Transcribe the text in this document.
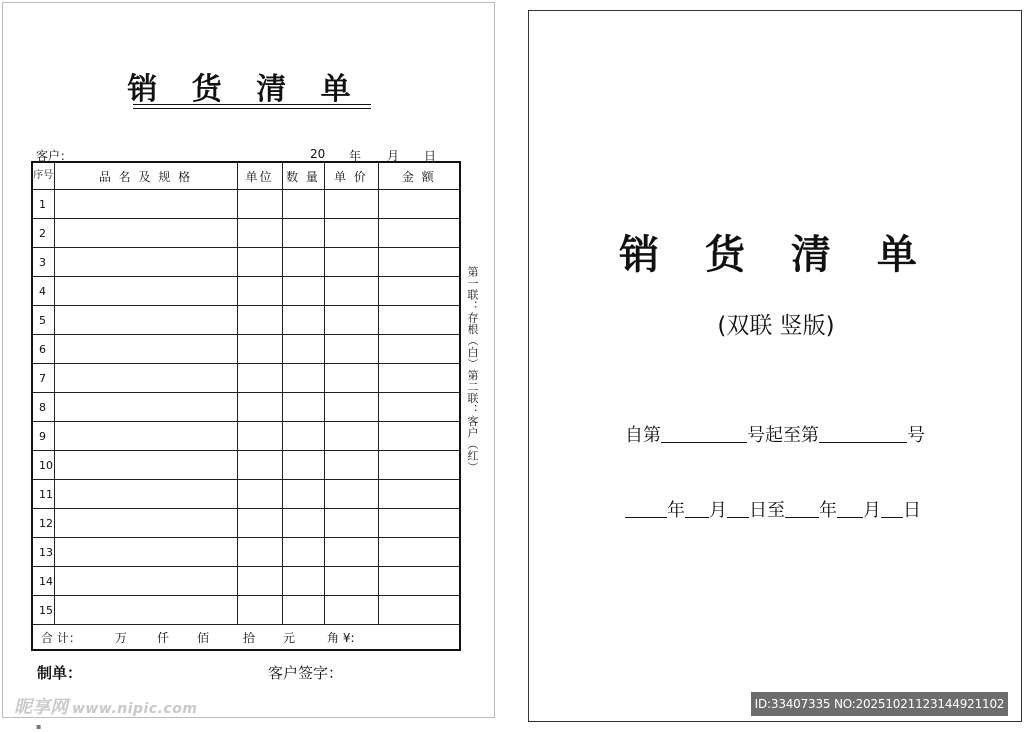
销 货 清 单
客户：	20 年 月 日
序号	品 名 及 规 格	单位	数 量	单 价	金 额
1					
2					
3					
4					
5					
6					
7					
8					
9					
10					
11					
12					
13					
14					
15					
合 计： 万 仟 佰 拾 元 角 ¥:					
第一联：存根（白）第二联：客户（红）
制单：	客户签字：
昵享网 www.nipic.com
▪
销 货 清 单
(双联 竖版)
自第	号起至第	号
年 月 日至 年 月 日
ID:33407335 NO:20251021123144921102
